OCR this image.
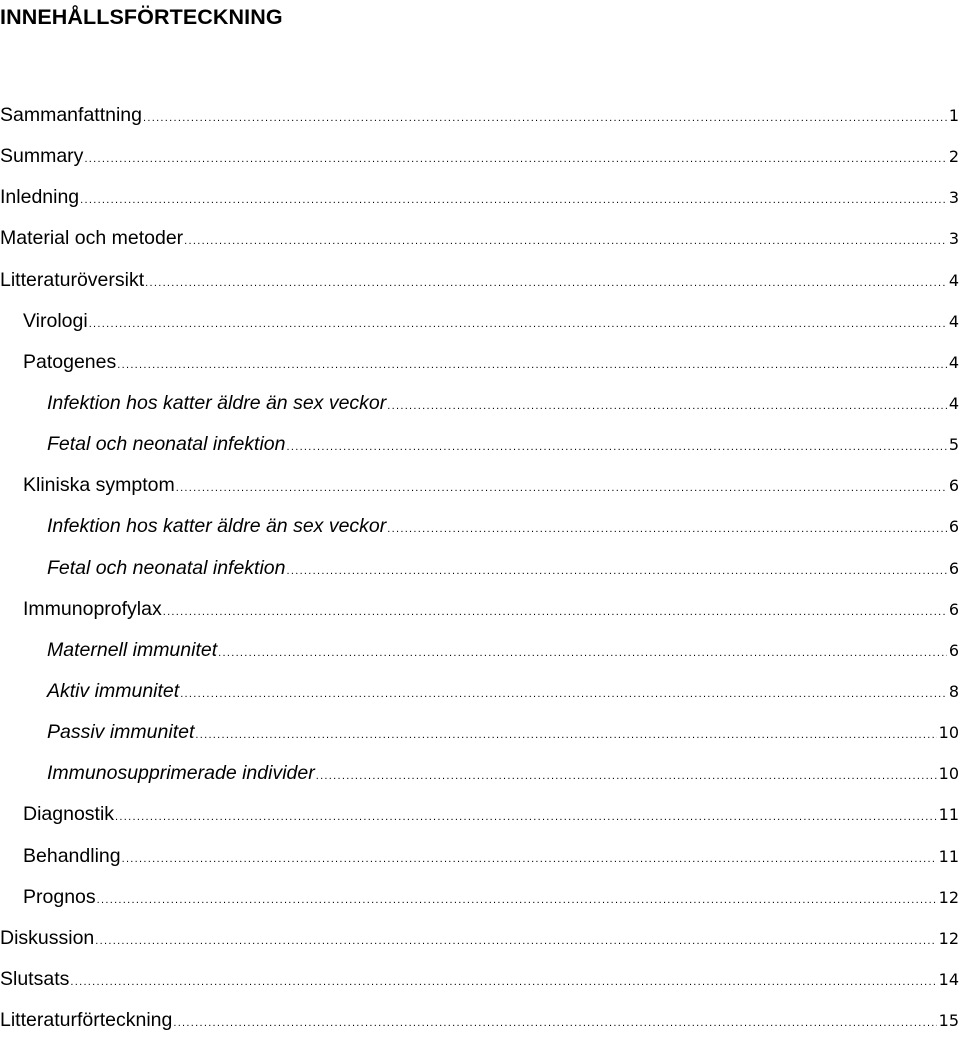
INNEHÅLLSFÖRTECKNING
Sammanfattning .....	1
Summary .....	2
Inledning .....	3
Material och metoder .....	3
Litteraturöversikt .....	4
Virologi .....	4
Patogenes .....	4
Infektion hos katter äldre än sex veckor .....	4
Fetal och neonatal infektion .....	5
Kliniska symptom .....	6
Infektion hos katter äldre än sex veckor .....	6
Fetal och neonatal infektion .....	6
Immunoprofylax .....	6
Maternell immunitet .....	6
Aktiv immunitet .....	8
Passiv immunitet .....	10
Immunosupprimerade individer .....	10
Diagnostik .....	11
Behandling .....	11
Prognos .....	12
Diskussion .....	12
Slutsats .....	14
Litteraturförteckning .....	15
